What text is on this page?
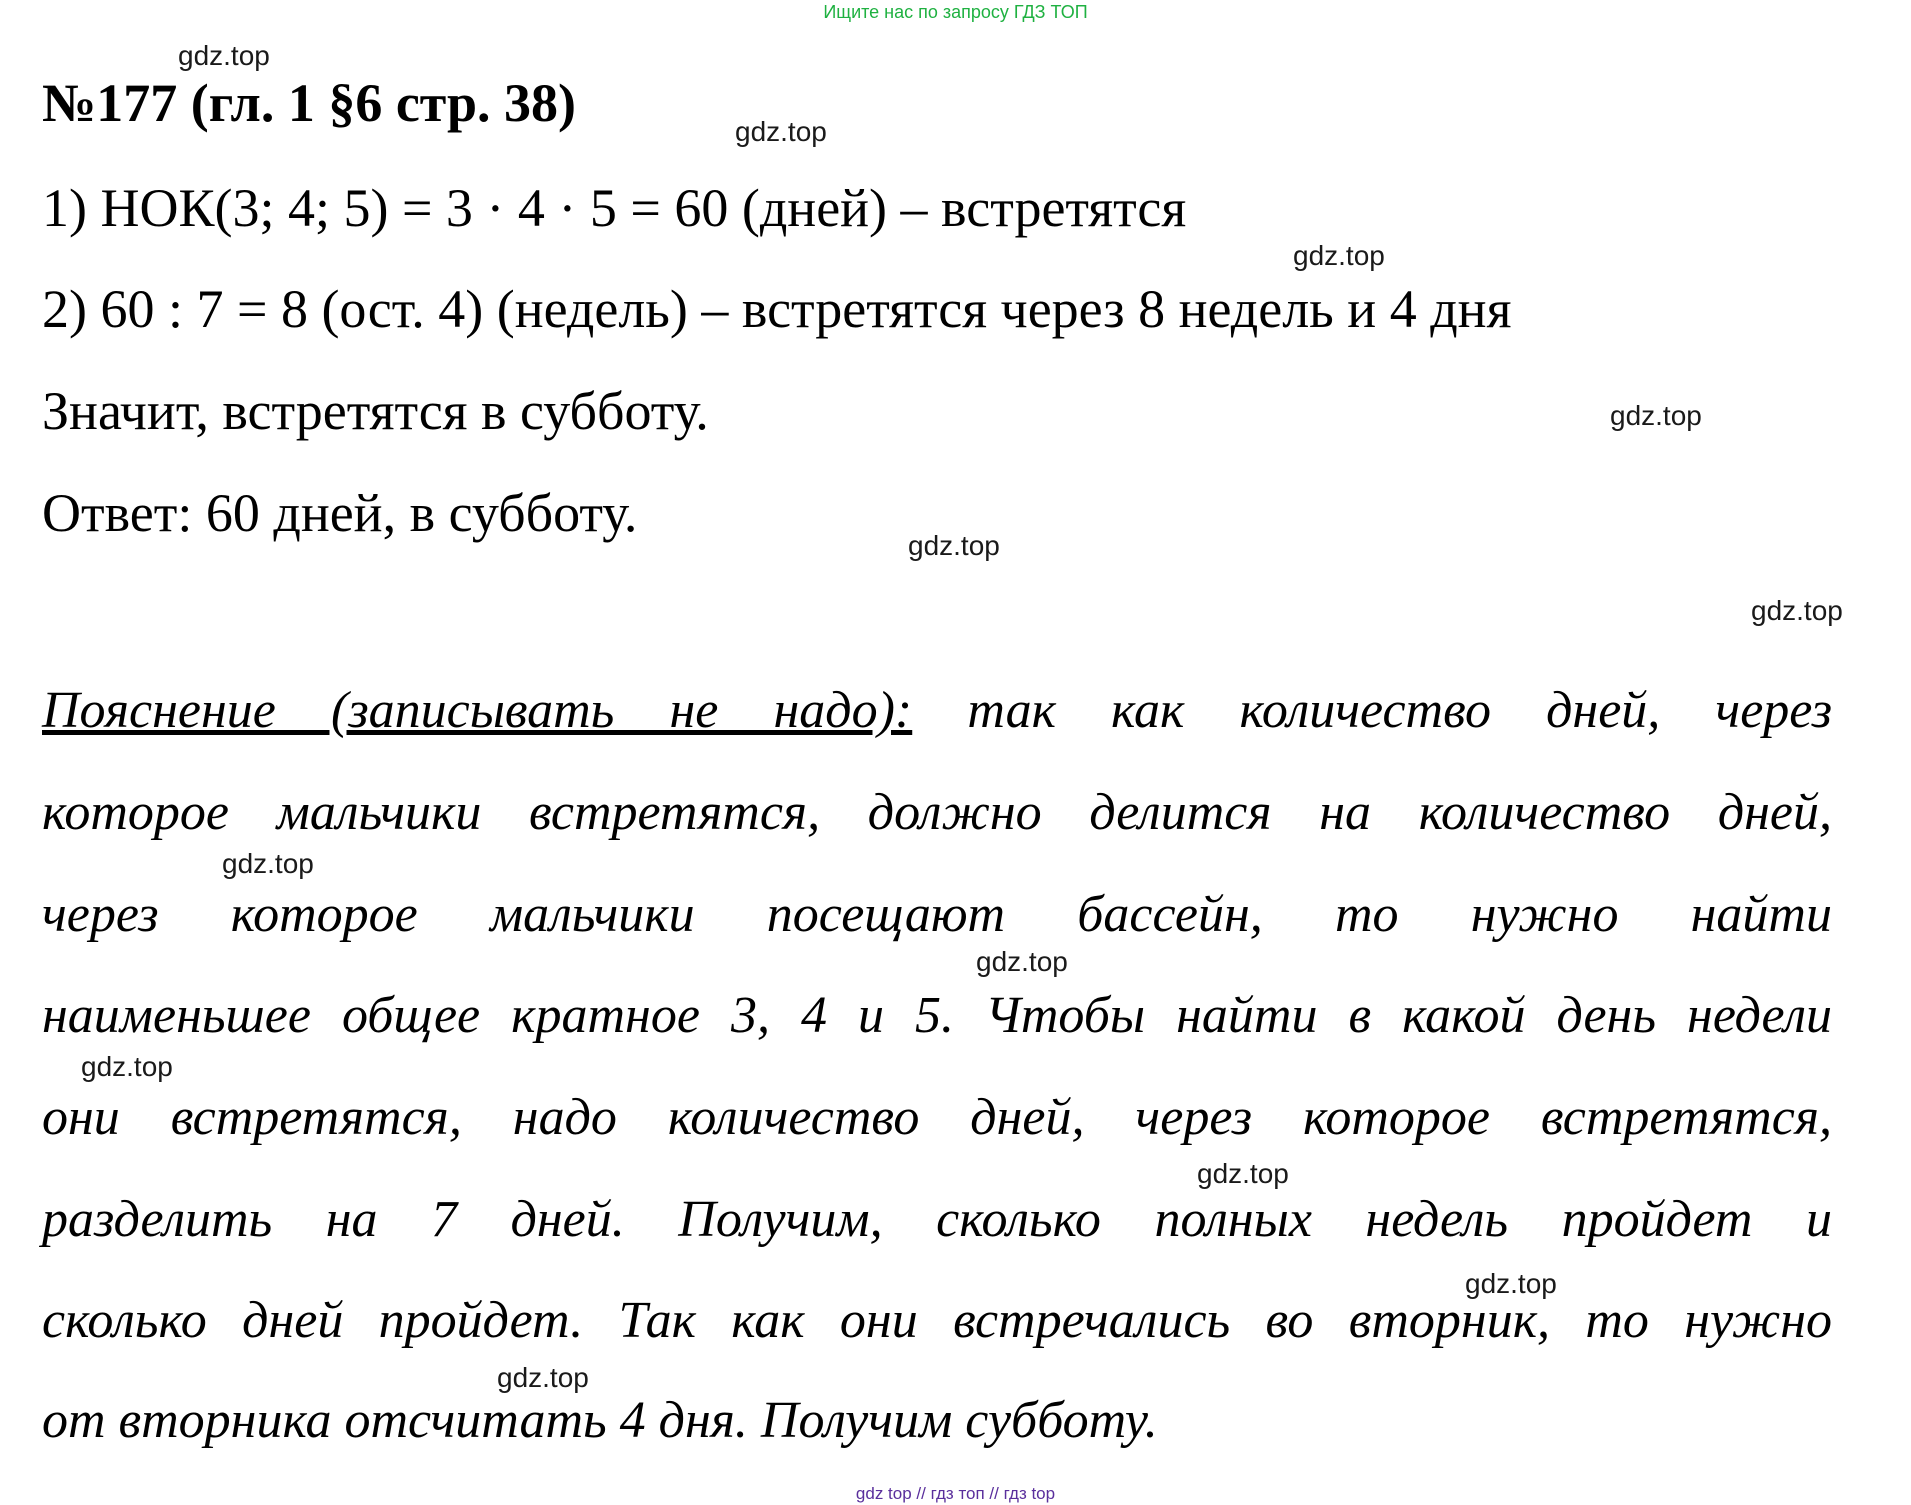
Ищите нас по запросу ГДЗ ТОП
gdz.top
gdz.top
gdz.top
gdz.top
gdz.top
gdz.top
gdz.top
gdz.top
gdz.top
gdz.top
gdz.top
gdz.top
№177 (гл. 1 §6 стр. 38)
1) НОК(3; 4; 5) = 3 · 4 · 5 = 60 (дней) – встретятся
2) 60 : 7 = 8 (ост. 4) (недель) – встретятся через 8 недель и 4 дня
Значит, встретятся в субботу.
Ответ: 60 дней, в субботу.
Пояснение (записывать не надо): так как количество дней, через
которое мальчики встретятся, должно делится на количество дней,
через которое мальчики посещают бассейн, то нужно найти
наименьшее общее кратное 3, 4 и 5. Чтобы найти в какой день недели
они встретятся, надо количество дней, через которое встретятся,
разделить на 7 дней. Получим, сколько полных недель пройдет и
сколько дней пройдет. Так как они встречались во вторник, то нужно
от вторника отсчитать 4 дня. Получим субботу.
gdz top // гдз топ // гдз top
